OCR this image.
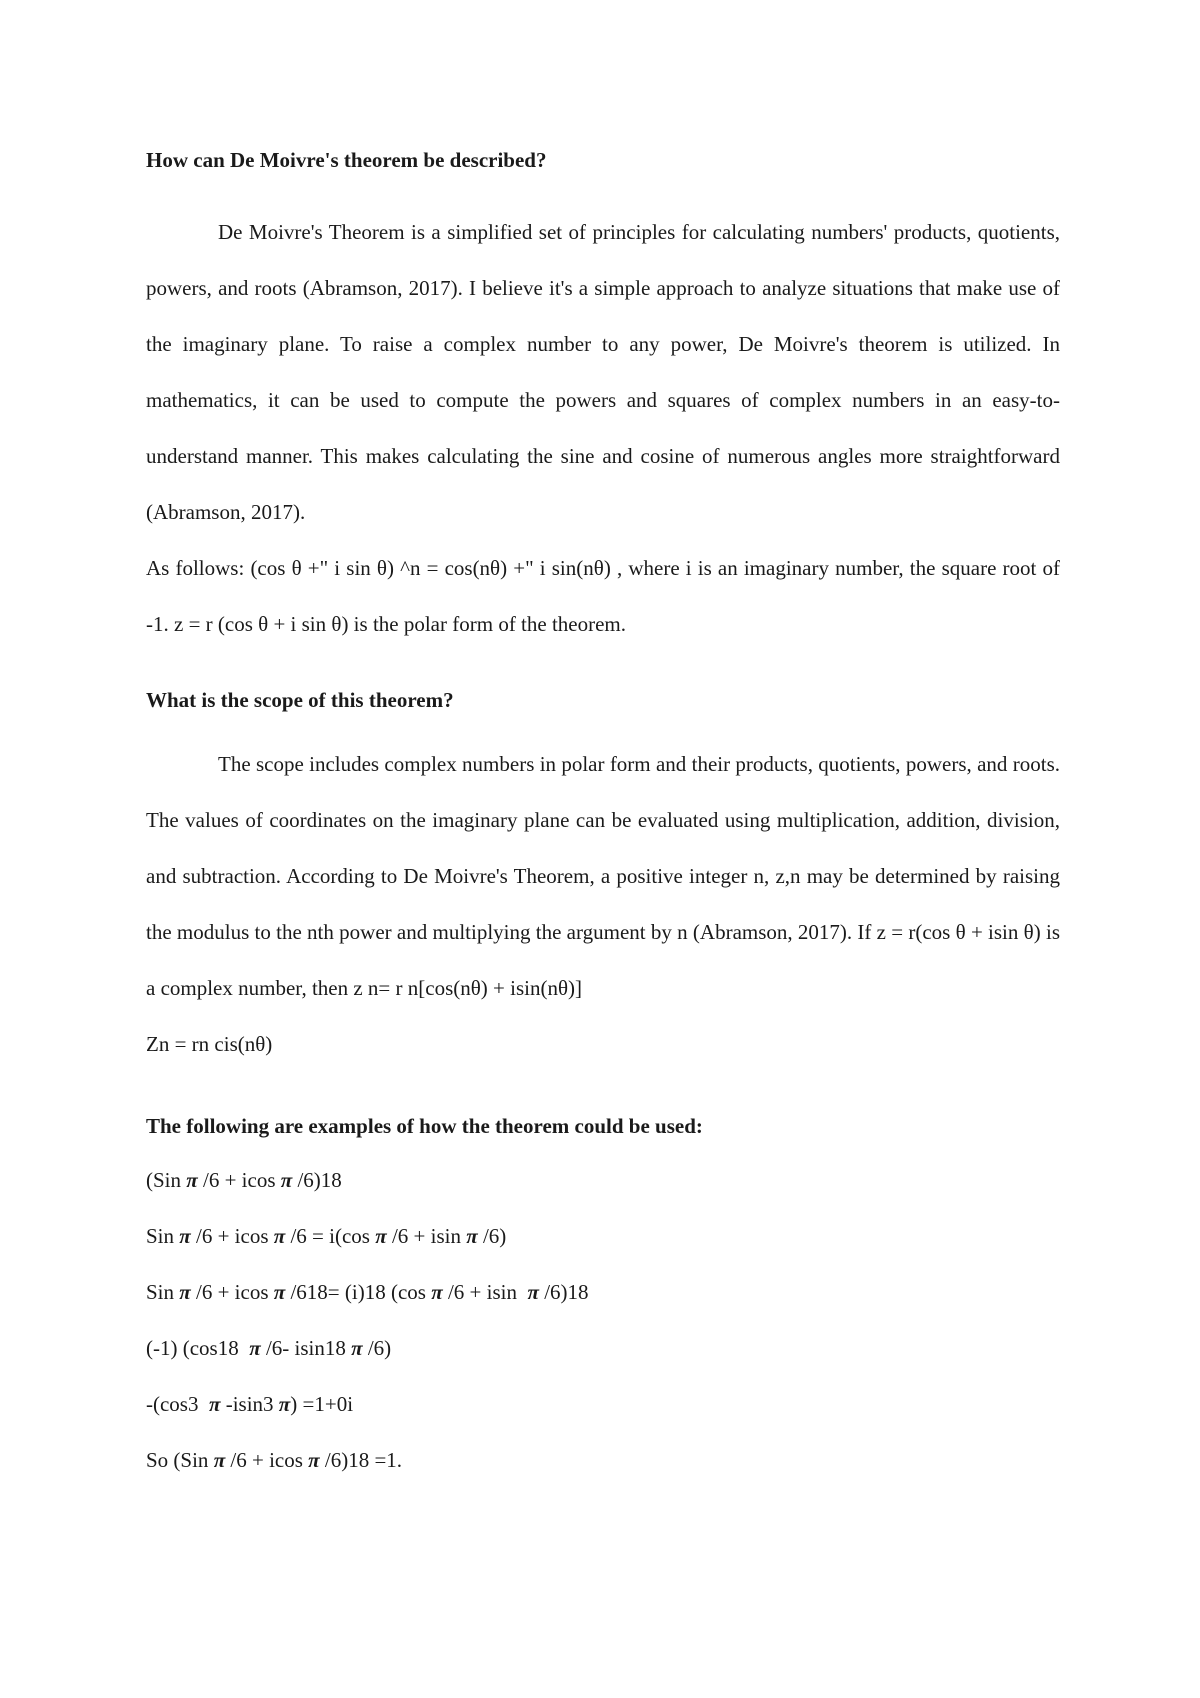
How can De Moivre's theorem be described?

De Moivre's Theorem is a simplified set of principles for calculating numbers' products, quotients, powers, and roots (Abramson, 2017). I believe it's a simple approach to analyze situations that make use of the imaginary plane. To raise a complex number to any power, De Moivre's theorem is utilized. In mathematics, it can be used to compute the powers and squares of complex numbers in an easy-to-understand manner. This makes calculating the sine and cosine of numerous angles more straightforward (Abramson, 2017).

As follows: (cos θ +" i sin θ) ^n = cos(nθ) +" i sin(nθ) , where i is an imaginary number, the square root of -1. z = r (cos θ + i sin θ) is the polar form of the theorem.

What is the scope of this theorem?

The scope includes complex numbers in polar form and their products, quotients, powers, and roots. The values of coordinates on the imaginary plane can be evaluated using multiplication, addition, division, and subtraction. According to De Moivre's Theorem, a positive integer n, z,n may be determined by raising the modulus to the nth power and multiplying the argument by n (Abramson, 2017). If z = r(cos θ + isin θ) is a complex number, then z n= r n[cos(nθ) + isin(nθ)]

Zn = rn cis(nθ)

The following are examples of how the theorem could be used:

(Sin π /6 + icos π /6)18

Sin π /6 + icos π /6 = i(cos π /6 + isin π /6)

Sin π /6 + icos π /618= (i)18 (cos π /6 + isin  π /6)18

(-1) (cos18  π /6- isin18 π /6)

-(cos3  π -isin3 π) =1+0i

So (Sin π /6 + icos π /6)18 =1.
